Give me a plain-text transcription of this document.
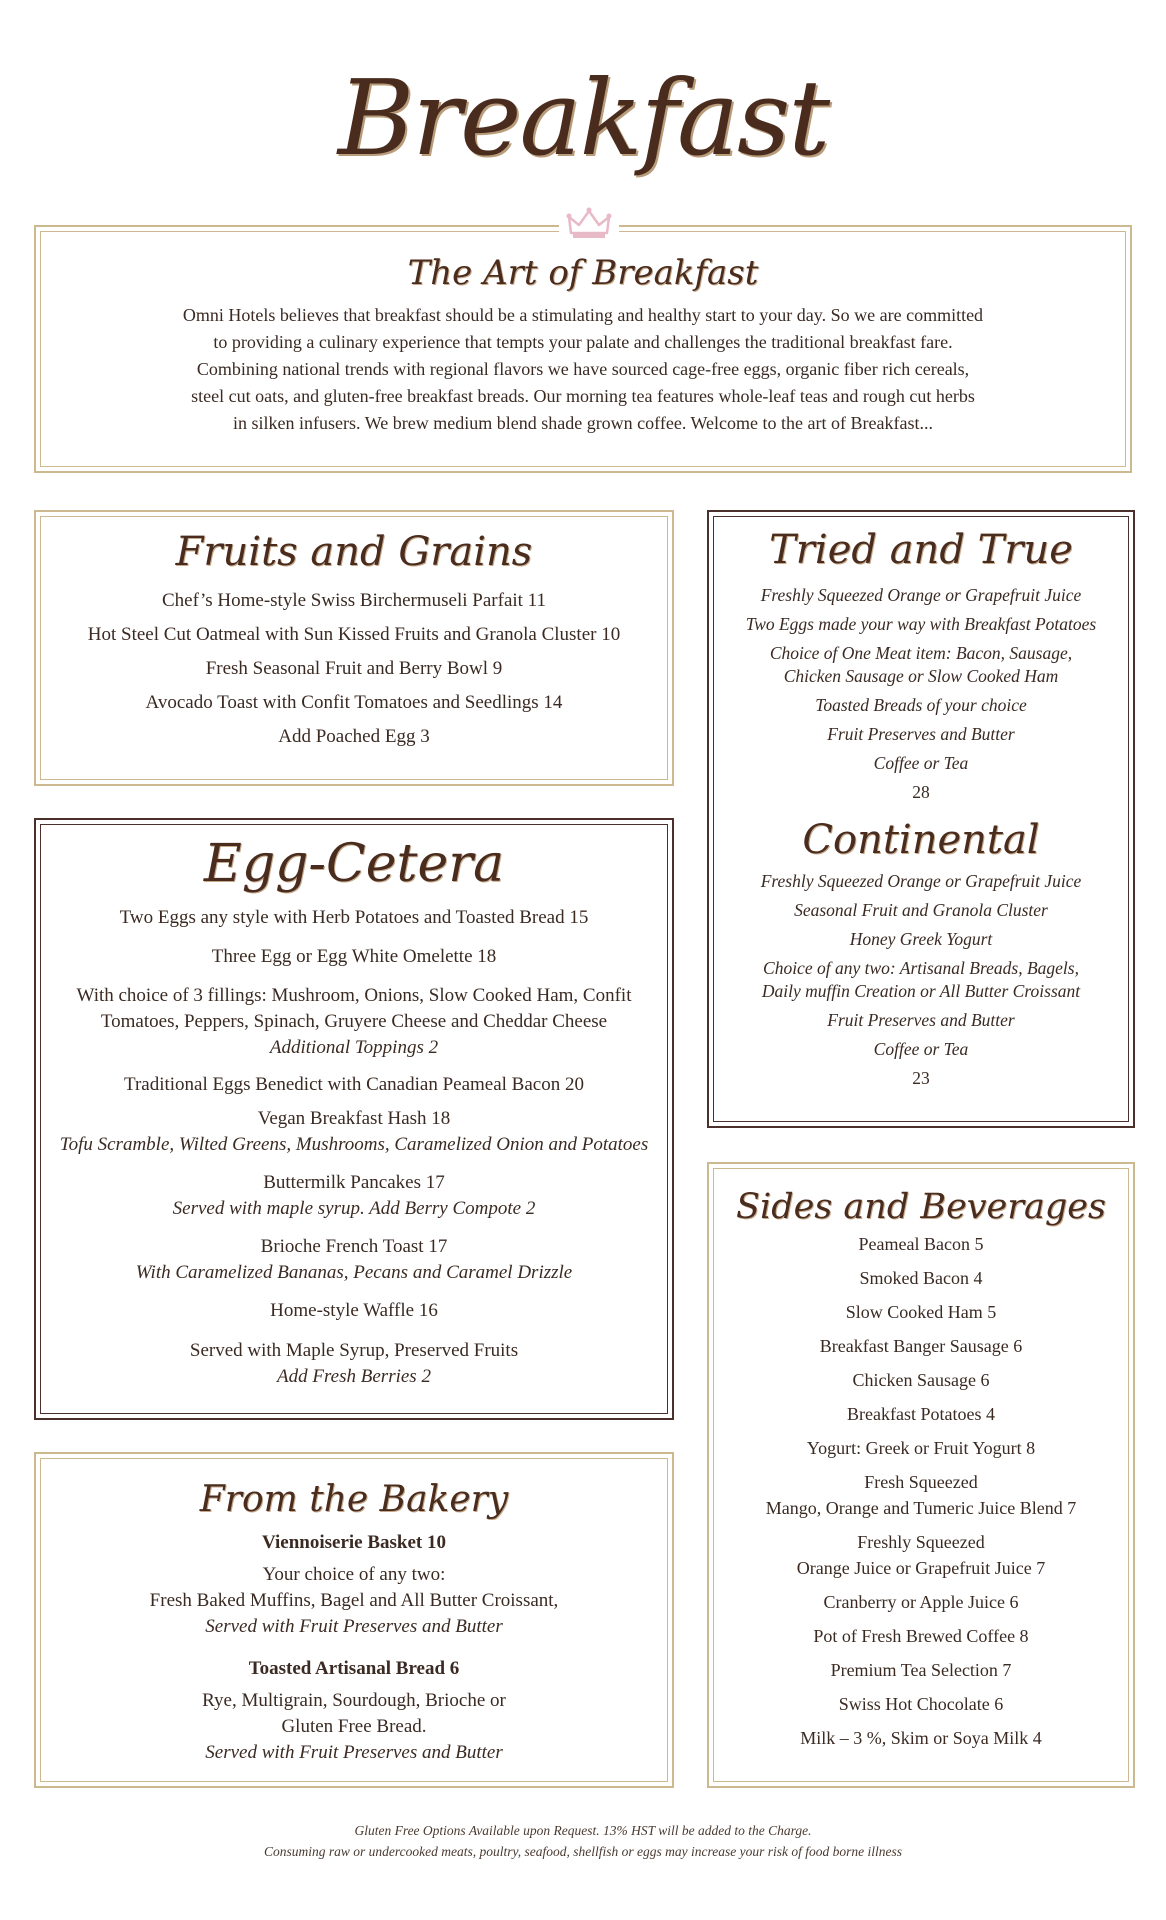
Breakfast
The Art of Breakfast
Omni Hotels believes that breakfast should be a stimulating and healthy start to your day. So we are committed
to providing a culinary experience that tempts your palate and challenges the traditional breakfast fare.
Combining national trends with regional flavors we have sourced cage-free eggs, organic fiber rich cereals,
steel cut oats, and gluten-free breakfast breads. Our morning tea features whole-leaf teas and rough cut herbs
in silken infusers. We brew medium blend shade grown coffee. Welcome to the art of Breakfast...
Fruits and Grains
Chef’s Home-style Swiss Birchermuseli Parfait 11
Hot Steel Cut Oatmeal with Sun Kissed Fruits and Granola Cluster 10
Fresh Seasonal Fruit and Berry Bowl 9
Avocado Toast with Confit Tomatoes and Seedlings 14
Add Poached Egg 3
Egg-Cetera
Two Eggs any style with Herb Potatoes and Toasted Bread 15
Three Egg or Egg White Omelette 18
With choice of 3 fillings: Mushroom, Onions, Slow Cooked Ham, Confit
Tomatoes, Peppers, Spinach, Gruyere Cheese and Cheddar Cheese
Additional Toppings 2
Traditional Eggs Benedict with Canadian Peameal Bacon 20
Vegan Breakfast Hash 18
Tofu Scramble, Wilted Greens, Mushrooms, Caramelized Onion and Potatoes
Buttermilk Pancakes 17
Served with maple syrup. Add Berry Compote 2
Brioche French Toast 17
With Caramelized Bananas, Pecans and Caramel Drizzle
Home-style Waffle 16
Served with Maple Syrup, Preserved Fruits
Add Fresh Berries 2
From the Bakery
Viennoiserie Basket 10
Your choice of any two:
Fresh Baked Muffins, Bagel and All Butter Croissant,
Served with Fruit Preserves and Butter
Toasted Artisanal Bread 6
Rye, Multigrain, Sourdough, Brioche or
Gluten Free Bread.
Served with Fruit Preserves and Butter
Tried and True
Freshly Squeezed Orange or Grapefruit Juice
Two Eggs made your way with Breakfast Potatoes
Choice of One Meat item: Bacon, Sausage,
Chicken Sausage or Slow Cooked Ham
Toasted Breads of your choice
Fruit Preserves and Butter
Coffee or Tea
28
Continental
Freshly Squeezed Orange or Grapefruit Juice
Seasonal Fruit and Granola Cluster
Honey Greek Yogurt
Choice of any two: Artisanal Breads, Bagels,
Daily muffin Creation or All Butter Croissant
Fruit Preserves and Butter
Coffee or Tea
23
Sides and Beverages
Peameal Bacon 5
Smoked Bacon 4
Slow Cooked Ham 5
Breakfast Banger Sausage 6
Chicken Sausage 6
Breakfast Potatoes 4
Yogurt: Greek or Fruit Yogurt 8
Fresh Squeezed
Mango, Orange and Tumeric Juice Blend 7
Freshly Squeezed
Orange Juice or Grapefruit Juice 7
Cranberry or Apple Juice 6
Pot of Fresh Brewed Coffee 8
Premium Tea Selection 7
Swiss Hot Chocolate 6
Milk – 3 %, Skim or Soya Milk 4
Gluten Free Options Available upon Request. 13% HST will be added to the Charge.
Consuming raw or undercooked meats, poultry, seafood, shellfish or eggs may increase your risk of food borne illness
